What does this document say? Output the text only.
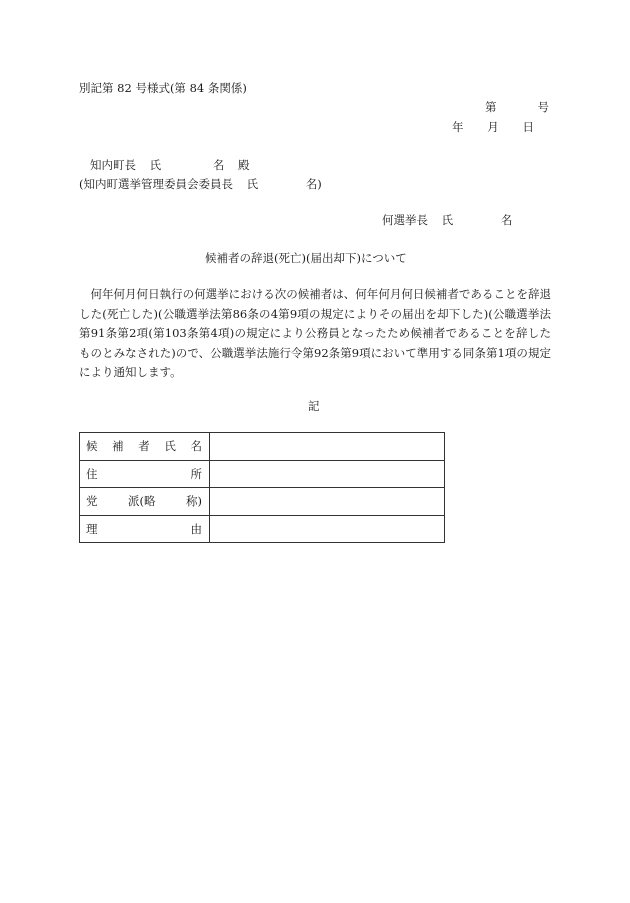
別記第 82 号様式(第 84 条関係)
第	号
年 月 日
知内町長 氏	名 殿
(知内町選挙管理委員会委員長 氏	名)
何選挙長 氏	名
候補者の辞退(死亡)(届出却下)について
何年何月何日執行の何選挙における次の候補者は、何年何月何日候補者であることを辞退した(死亡した)(公職選挙法第86条の4第9項の規定によりその届出を却下した)(公職選挙法第91条第2項(第103条第4項)の規定により公務員となったため候補者であることを辞した ものとみなされた)ので、公職選挙法施行令第92条第9項において準用する同条第1項の規定により通知します。
記
候 補 者 氏 名	

住 所	

党 派(略 称)	

理 由	
